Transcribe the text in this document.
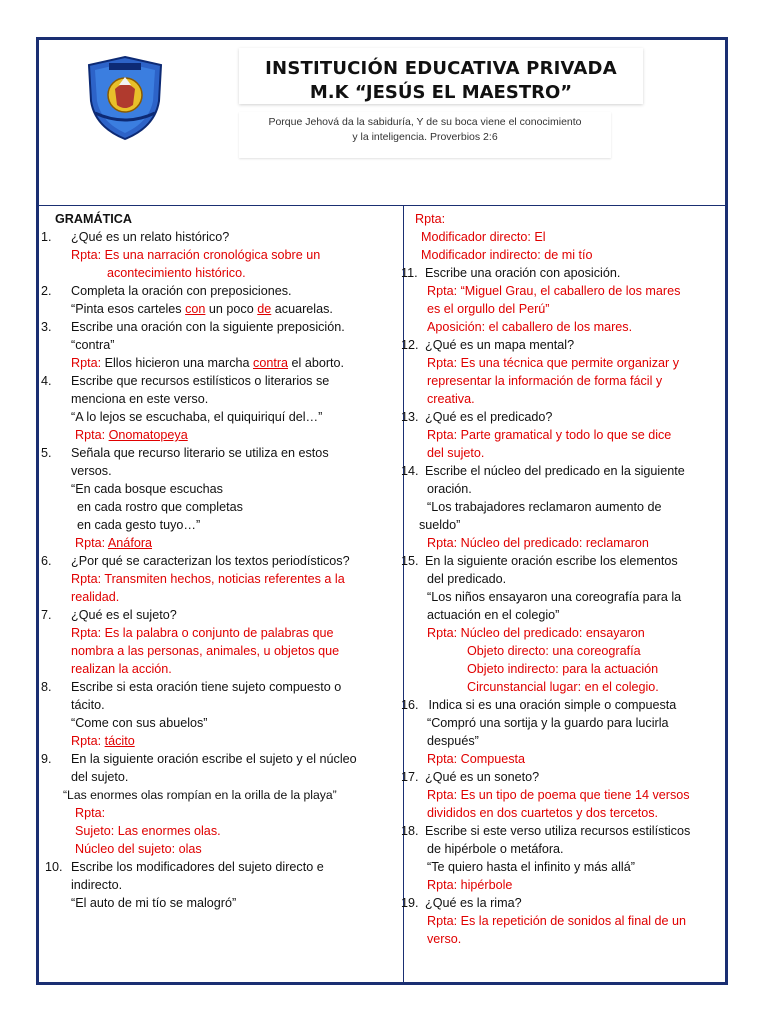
INSTITUCIÓN EDUCATIVA PRIVADA
M.K “JESÚS EL MAESTRO”
Porque Jehová da la sabiduría, Y de su boca viene el conocimiento
y la inteligencia. Proverbios 2:6
GRAMÁTICA
1. ¿Qué es un relato histórico?
Rpta: Es una narración cronológica sobre un
acontecimiento histórico.
2. Completa la oración con preposiciones.
“Pinta esos carteles con un poco de acuarelas.
3. Escribe una oración con la siguiente preposición.
“contra”
Rpta: Ellos hicieron una marcha contra el aborto.
4. Escribe que recursos estilísticos o literarios se
menciona en este verso.
“A lo lejos se escuchaba, el quiquiriquí del…”
Rpta: Onomatopeya
5. Señala que recurso literario se utiliza en estos
versos.
“En cada bosque escuchas
en cada rostro que completas
en cada gesto tuyo…”
Rpta: Anáfora
6. ¿Por qué se caracterizan los textos periodísticos?
Rpta: Transmiten hechos, noticias referentes a la
realidad.
7. ¿Qué es el sujeto?
Rpta: Es la palabra o conjunto de palabras que
nombra a las personas, animales, u objetos que
realizan la acción.
8. Escribe si esta oración tiene sujeto compuesto o
tácito.
“Come con sus abuelos”
Rpta: tácito
9. En la siguiente oración escribe el sujeto y el núcleo
del sujeto.
“Las enormes olas rompían en la orilla de la playa”
Rpta:
Sujeto: Las enormes olas.
Núcleo del sujeto: olas
10. Escribe los modificadores del sujeto directo e
indirecto.
“El auto de mi tío se malogró”
Rpta:
Modificador directo: El
Modificador indirecto: de mi tío
11. Escribe una oración con aposición.
Rpta: “Miguel Grau, el caballero de los mares
es el orgullo del Perú”
Aposición: el caballero de los mares.
12. ¿Qué es un mapa mental?
Rpta: Es una técnica que permite organizar y
representar la información de forma fácil y
creativa.
13. ¿Qué es el predicado?
Rpta: Parte gramatical y todo lo que se dice
del sujeto.
14. Escribe el núcleo del predicado en la siguiente
oración.
“Los trabajadores reclamaron aumento de
sueldo”
Rpta: Núcleo del predicado: reclamaron
15. En la siguiente oración escribe los elementos
del predicado.
“Los niños ensayaron una coreografía para la
actuación en el colegio”
Rpta: Núcleo del predicado: ensayaron
Objeto directo: una coreografía
Objeto indirecto: para la actuación
Circunstancial lugar: en el colegio.
16. Indica si es una oración simple o compuesta
“Compró una sortija y la guardo para lucirla
después”
Rpta: Compuesta
17. ¿Qué es un soneto?
Rpta: Es un tipo de poema que tiene 14 versos
divididos en dos cuartetos y dos tercetos.
18. Escribe si este verso utiliza recursos estilísticos
de hipérbole o metáfora.
“Te quiero hasta el infinito y más allá”
Rpta: hipérbole
19. ¿Qué es la rima?
Rpta: Es la repetición de sonidos al final de un
verso.
